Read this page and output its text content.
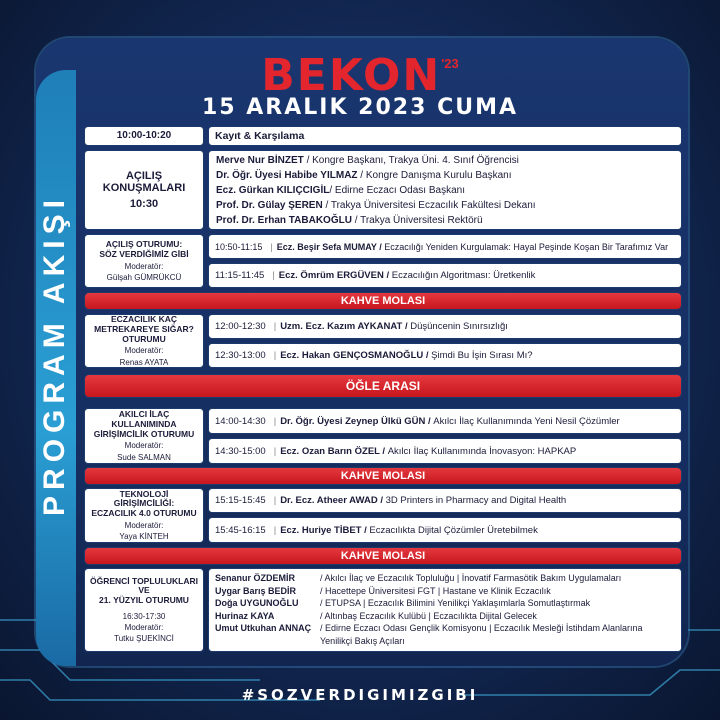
PROGRAM AKIŞI
$BEKON^{'23}$
15 ARALIK 2023 CUMA
10:00-10:20	Kayıt & Karşılama
AÇILIŞ
KONUŞMALARI
10:30
Merve Nur BİNZET / Kongre Başkanı, Trakya Üni. 4. Sınıf Öğrencisi
Dr. Öğr. Üyesi Habibe YILMAZ / Kongre Danışma Kurulu Başkanı
Ecz. Gürkan KILIÇCIGİL/ Edirne Eczacı Odası Başkanı
Prof. Dr. Gülay ŞEREN / Trakya Üniversitesi Eczacılık Fakültesi Dekanı
Prof. Dr. Erhan TABAKOĞLU / Trakya Üniversitesi Rektörü
AÇILIŞ OTURUMU:
SÖZ VERDİĞİMİZ GİBİ
Moderatör:
Gülşah GÜMRÜKCÜ
10:50-11:15 | Ecz. Beşir Sefa MUMAY /
Eczacılığı Yeniden Kurgulamak: Hayal Peşinde Koşan Bir Tarafımız Var
11:15-11:45 | Ecz. Ömrüm ERGÜVEN /
Eczacılığın Algoritması: Üretkenlik
KAHVE MOLASI
ECZACILIK KAÇ
METREKAREYE SIĞAR?
OTURUMU
Moderatör:
Renas AYATA
12:00-12:30 | Uzm. Ecz. Kazım AYKANAT /
Düşüncenin Sınırsızlığı
12:30-13:00 | Ecz. Hakan GENÇOSMANOĞLU /
Şimdi Bu İşin Sırası Mı?
ÖĞLE ARASI
AKILCI İLAÇ
KULLANIMINDA
GİRİŞİMCİLİK OTURUMU
Moderatör:
Sude SALMAN
14:00-14:30 | Dr. Öğr. Üyesi Zeynep Ülkü GÜN /
Akılcı İlaç Kullanımında Yeni Nesil Çözümler
14:30-15:00 | Ecz. Ozan Barın ÖZEL /
Akılcı İlaç Kullanımında İnovasyon: HAPKAP
KAHVE MOLASI
TEKNOLOJİ
GİRİŞİMCİLİĞİ:
ECZACILIK 4.0 OTURUMU
Moderatör:
Yaya KİNTEH
15:15-15:45 | Dr. Ecz. Atheer AWAD /
3D Printers in Pharmacy and Digital Health
15:45-16:15 | Ecz. Huriye TİBET /
Eczacılıkta Dijital Çözümler Üretebilmek
KAHVE MOLASI
ÖĞRENCİ TOPLULUKLARI
VE
21. YÜZYIL OTURUMU
16:30-17:30
Moderatör:
Tutku ŞUEKİNCİ
Senanur ÖZDEMİR	/ Akılcı İlaç ve Eczacılık Topluluğu | İnovatif Farmasötik Bakım Uygulamaları
Uygar Barış BEDİR	/ Hacettepe Üniversitesi FGT | Hastane ve Klinik Eczacılık
Doğa UYGUNOĞLU	/ ETUPSA | Eczacılık Bilimini Yenilikçi Yaklaşımlarla Somutlaştırmak
Hurinaz KAYA	/ Altınbaş Eczacılık Kulübü | Eczacılıkta Dijital Gelecek
Umut Utkuhan ANNAÇ / Edirne Eczacı Odası Gençlik Komisyonu | Eczacılık Mesleği İstihdam Alanlarına
Yenilikçi Bakış Açıları
#SOZVERDIGIMIZGIBI
